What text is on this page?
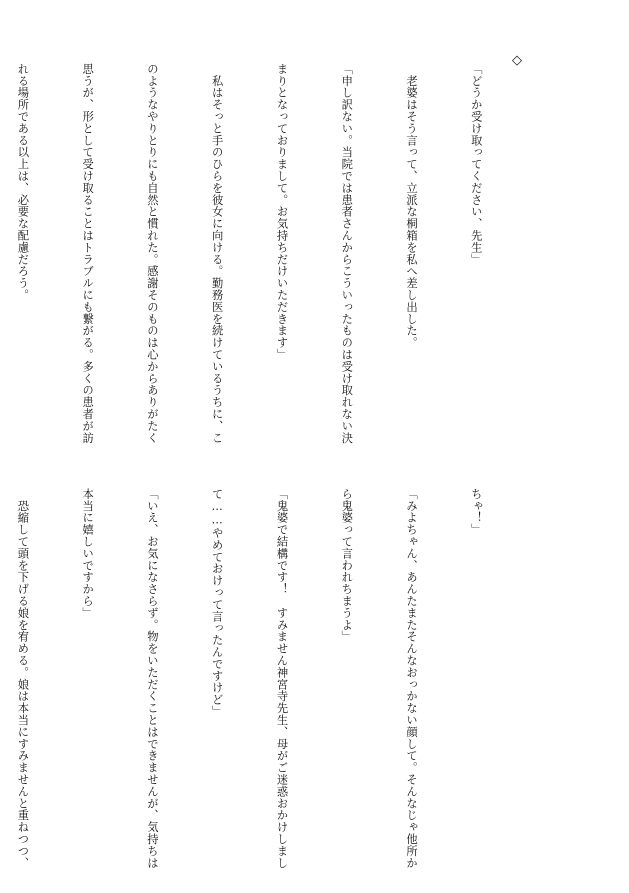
◇

「どうか受け取ってください、先生」

　老婆はそう言って、立派な桐箱を私へ差し出した。

「申し訳ない。当院では患者さんからこういったものは受け取れない決

まりとなっておりまして。お気持ちだけいただきます」

　私はそっと手のひらを彼女に向ける。勤務医を続けているうちに、こ

のようなやりとりにも自然と慣れた。感謝そのものは心からありがたく

思うが、形として受け取ることはトラブルにも繋がる。多くの患者が訪

れる場所である以上は、必要な配慮だろう。

ちゃ！」

「みよちゃん、あんたまたそんなおっかない顔して。そんなじゃ他所か

ら鬼婆って言われちまうよ」

「鬼婆で結構です！　すみません神宮寺先生、母がご迷惑おかけしまし

て……やめておけって言ったんですけど」

「いえ、お気になさらず。物をいただくことはできませんが、気持ちは

本当に嬉しいですから」

　恐縮して頭を下げる娘を宥める。娘は本当にすみませんと重ねつつ、
